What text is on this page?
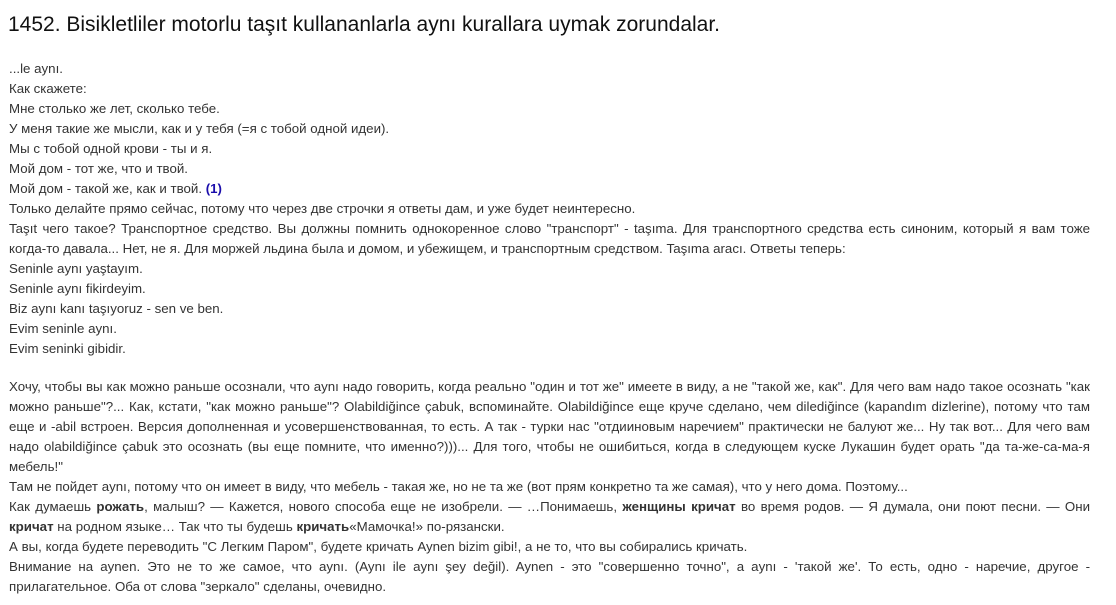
1452. Bisikletliler motorlu taşıt kullananlarla aynı kurallara uymak zorundalar.
...le aynı.
Как скажете:
Мне столько же лет, сколько тебе.
У меня такие же мысли, как и у тебя (=я с тобой одной идеи).
Мы с тобой одной крови - ты и я.
Мой дом - тот же, что и твой.
Мой дом - такой же, как и твой. (1)
Только делайте прямо сейчас, потому что через две строчки я ответы дам, и уже будет неинтересно.
Taşıt чего такое? Транспортное средство. Вы должны помнить однокоренное слово "транспорт" - taşıma. Для транспортного средства есть синоним, который я вам тоже когда-то давала... Нет, не я. Для моржей льдина была и домом, и убежищем, и транспортным средством. Taşıma aracı. Ответы теперь:
Seninle aynı yaştayım.
Seninle aynı fikirdeyim.
Biz aynı kanı taşıyoruz - sen ve ben.
Evim seninle aynı.
Evim seninki gibidir.
Хочу, чтобы вы как можно раньше осознали, что aynı надо говорить, когда реально "один и тот же" имеете в виду, а не "такой же, как". Для чего вам надо такое осознать "как можно раньше"?... Как, кстати, "как можно раньше"? Olabildiğince çabuk, вспоминайте. Olabildiğince еще круче сделано, чем dilediğince (kapandım dizlerine), потому что там еще и -abil встроен. Версия дополненная и усовершенствованная, то есть. А так - турки нас "отдииновым наречием" практически не балуют же... Ну так вот... Для чего вам надо olabildiğince çabuk это осознать (вы еще помните, что именно?)))... Для того, чтобы не ошибиться, когда в следующем куске Лукашин будет орать "да та-же-са-ма-я мебель!"
Там не пойдет aynı, потому что он имеет в виду, что мебель - такая же, но не та же (вот прям конкретно та же самая), что у него дома. Поэтому...
Как думаешь рожать, малыш? — Кажется, нового способа еще не изобрели. — …Понимаешь, женщины кричат во время родов. — Я думала, они поют песни. — Они кричат на родном языке… Так что ты будешь кричать«Мамочка!» по-рязански.
А вы, когда будете переводить "С Легким Паром", будете кричать Aynen bizim gibi!, а не то, что вы собирались кричать.
Внимание на aynen. Это не то же самое, что aynı. (Aynı ile aynı şey değil). Aynen - это "совершенно точно", а aynı - 'такой же'. То есть, одно - наречие, другое - прилагательное. Оба от слова "зеркало" сделаны, очевидно.
